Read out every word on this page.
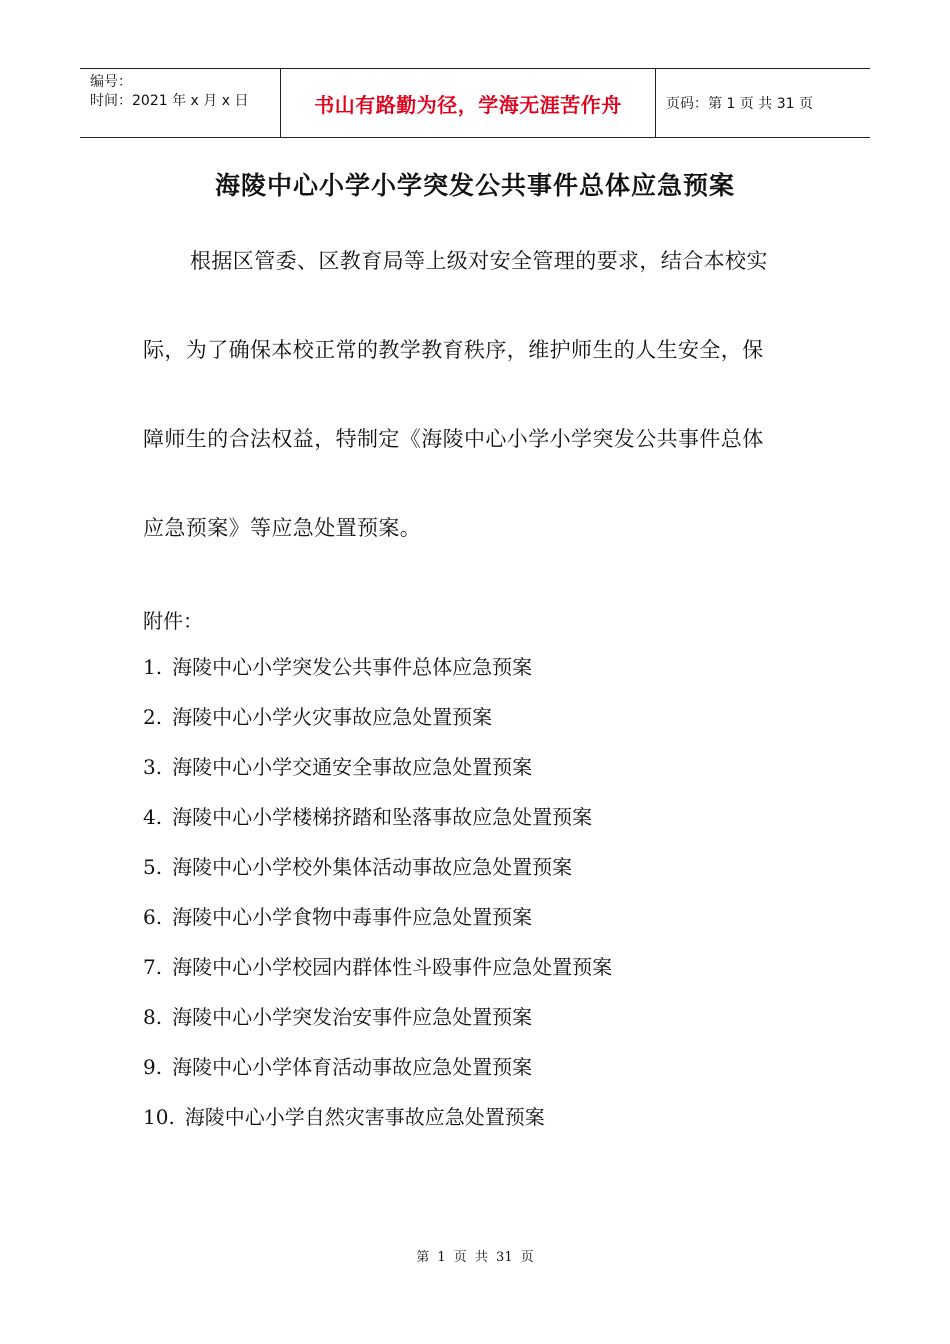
编号：
时间：2021 年 x 月 x 日	书山有路勤为径，学海无涯苦作舟	页码：第 1 页 共 31 页
海陵中心小学小学突发公共事件总体应急预案
根据区管委、区教育局等上级对安全管理的要求，结合本校实
际，为了确保本校正常的教学教育秩序，维护师生的人生安全，保
障师生的合法权益，特制定《海陵中心小学小学突发公共事件总体
应急预案》等应急处置预案。
附件：
1. 海陵中心小学突发公共事件总体应急预案
2. 海陵中心小学火灾事故应急处置预案
3. 海陵中心小学交通安全事故应急处置预案
4. 海陵中心小学楼梯挤踏和坠落事故应急处置预案
5. 海陵中心小学校外集体活动事故应急处置预案
6. 海陵中心小学食物中毒事件应急处置预案
7. 海陵中心小学校园内群体性斗殴事件应急处置预案
8. 海陵中心小学突发治安事件应急处置预案
9. 海陵中心小学体育活动事故应急处置预案
10. 海陵中心小学自然灾害事故应急处置预案
第 1 页 共 31 页
